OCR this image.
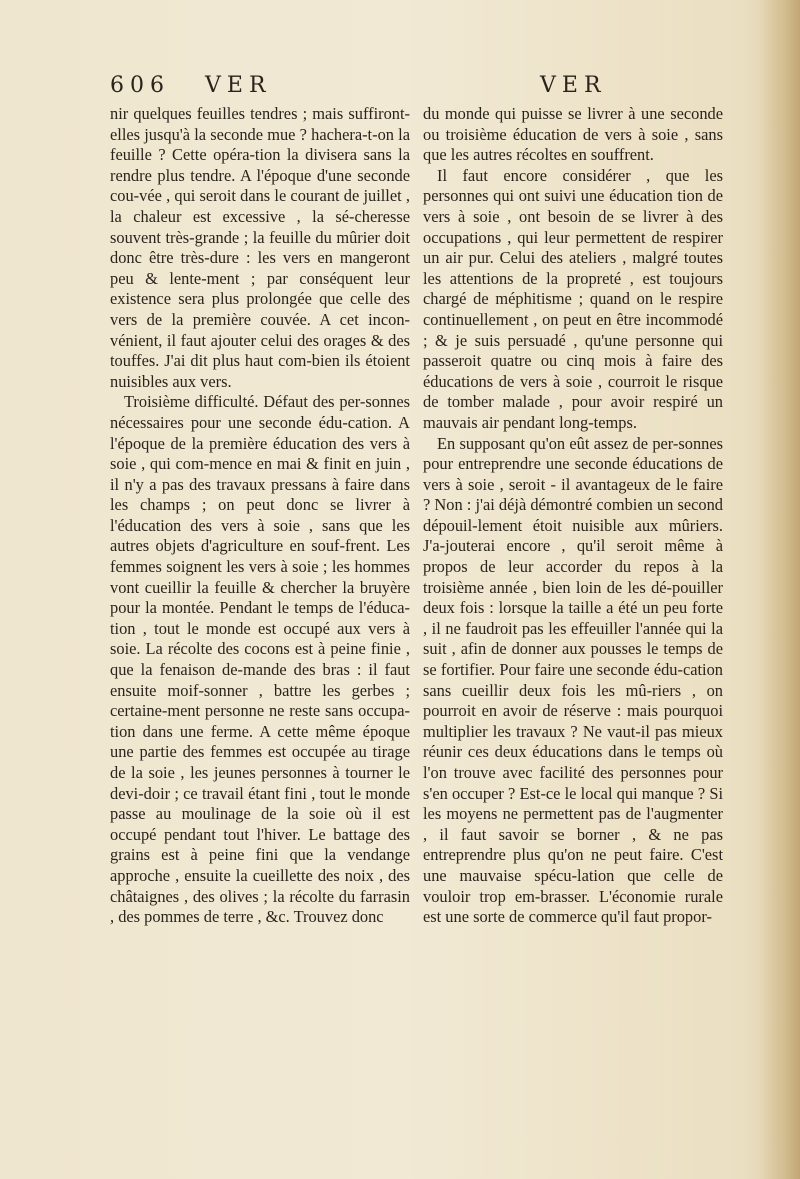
606 VER	VER

nir quelques feuilles tendres ; mais suffiront-elles jusqu'à la seconde mue ? hachera-t-on la feuille ? Cette opéra-tion la divisera sans la rendre plus tendre. A l'époque d'une seconde cou-vée , qui seroit dans le courant de juillet , la chaleur est excessive , la sé-cheresse souvent très-grande ; la feuille du mûrier doit donc être très-dure : les vers en mangeront peu & lente-ment ; par conséquent leur existence sera plus prolongée que celle des vers de la première couvée. A cet incon-vénient, il faut ajouter celui des orages & des touffes. J'ai dit plus haut com-bien ils étoient nuisibles aux vers.

Troisième difficulté. Défaut des per-sonnes nécessaires pour une seconde édu-cation. A l'époque de la première éducation des vers à soie , qui com-mence en mai & finit en juin , il n'y a pas des travaux pressans à faire dans les champs ; on peut donc se livrer à l'éducation des vers à soie , sans que les autres objets d'agriculture en souf-frent. Les femmes soignent les vers à soie ; les hommes vont cueillir la feuille & chercher la bruyère pour la montée. Pendant le temps de l'éduca-tion , tout le monde est occupé aux vers à soie. La récolte des cocons est à peine finie , que la fenaison de-mande des bras : il faut ensuite moif-sonner , battre les gerbes ; certaine-ment personne ne reste sans occupa-tion dans une ferme. A cette même époque une partie des femmes est occupée au tirage de la soie , les jeunes personnes à tourner le devi-doir ; ce travail étant fini , tout le monde passe au moulinage de la soie où il est occupé pendant tout l'hiver. Le battage des grains est à peine fini que la vendange approche , ensuite la cueillette des noix , des châtaignes , des olives ; la récolte du farrasin , des pommes de terre , &c. Trouvez donc

du monde qui puisse se livrer à une seconde ou troisième éducation de vers à soie , sans que les autres récoltes en souffrent.

Il faut encore considérer , que les personnes qui ont suivi une éducation tion de vers à soie , ont besoin de se livrer à des occupations , qui leur permettent de respirer un air pur. Celui des ateliers , malgré toutes les attentions de la propreté , est toujours chargé de méphitisme ; quand on le respire continuellement , on peut en être incommodé ; & je suis persuadé , qu'une personne qui passeroit quatre ou cinq mois à faire des éducations de vers à soie , courroit le risque de tomber malade , pour avoir respiré un mauvais air pendant long-temps.

En supposant qu'on eût assez de per-sonnes pour entreprendre une seconde éducations de vers à soie , seroit - il avantageux de le faire ? Non : j'ai déjà démontré combien un second dépouil-lement étoit nuisible aux mûriers. J'a-jouterai encore , qu'il seroit même à propos de leur accorder du repos à la troisième année , bien loin de les dé-pouiller deux fois : lorsque la taille a été un peu forte , il ne faudroit pas les effeuiller l'année qui la suit , afin de donner aux pousses le temps de se fortifier. Pour faire une seconde édu-cation sans cueillir deux fois les mû-riers , on pourroit en avoir de réserve : mais pourquoi multiplier les travaux ? Ne vaut-il pas mieux réunir ces deux éducations dans le temps où l'on trouve avec facilité des personnes pour s'en occuper ? Est-ce le local qui manque ? Si les moyens ne permettent pas de l'augmenter , il faut savoir se borner , & ne pas entreprendre plus qu'on ne peut faire. C'est une mauvaise spécu-lation que celle de vouloir trop em-brasser. L'économie rurale est une sorte de commerce qu'il faut propor-
